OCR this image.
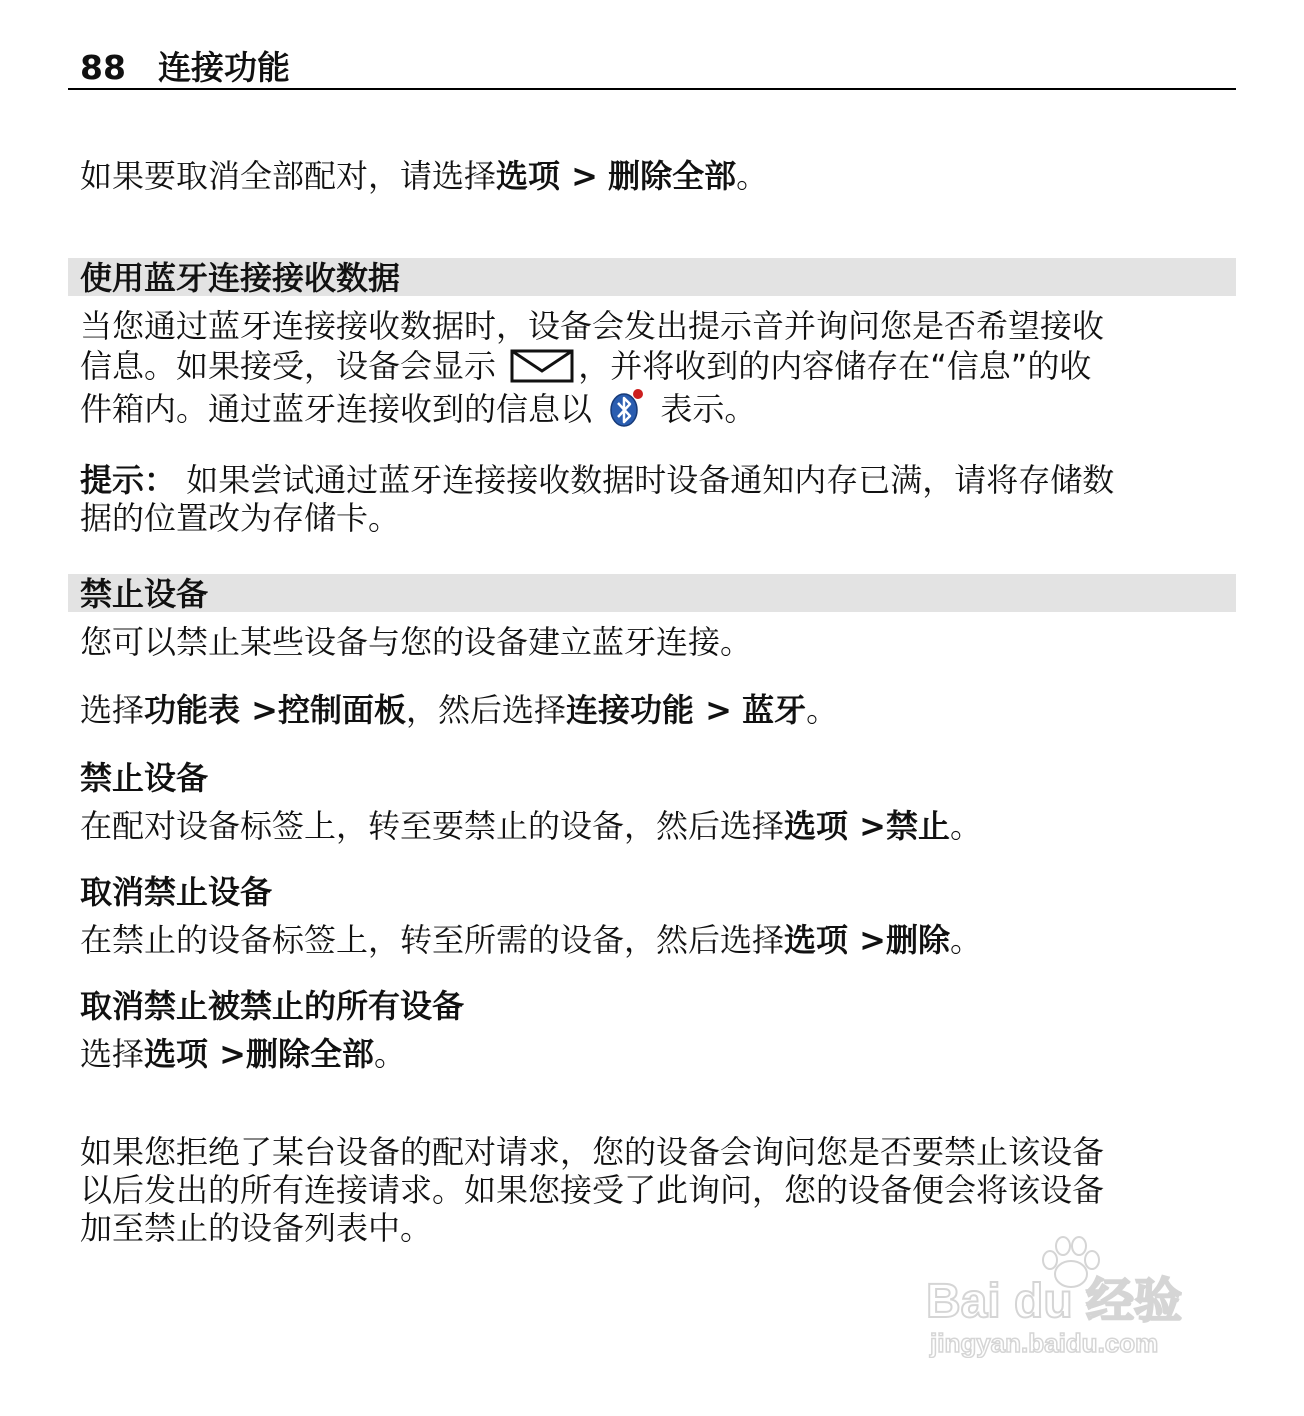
88 连接功能
如果要取消全部配对，请选择选项 > 删除全部。
使用蓝牙连接接收数据
当您通过蓝牙连接接收数据时，设备会发出提示音并询问您是否希望接收
信息。如果接受，设备会显示	，并将收到的内容储存在“信息”的收
件箱内。通过蓝牙连接收到的信息以 表示。
提示： 如果尝试通过蓝牙连接接收数据时设备通知内存已满，请将存储数
据的位置改为存储卡。
禁止设备
您可以禁止某些设备与您的设备建立蓝牙连接。
选择功能表 >控制面板，然后选择连接功能 > 蓝牙。
禁止设备
在配对设备标签上，转至要禁止的设备，然后选择选项 >禁止。
取消禁止设备
在禁止的设备标签上，转至所需的设备，然后选择选项 >删除。
取消禁止被禁止的所有设备
选择选项 >删除全部。
如果您拒绝了某台设备的配对请求，您的设备会询问您是否要禁止该设备
以后发出的所有连接请求。如果您接受了此询问，您的设备便会将该设备
加至禁止的设备列表中。
Bai du 经验
jingyan.baidu.com
